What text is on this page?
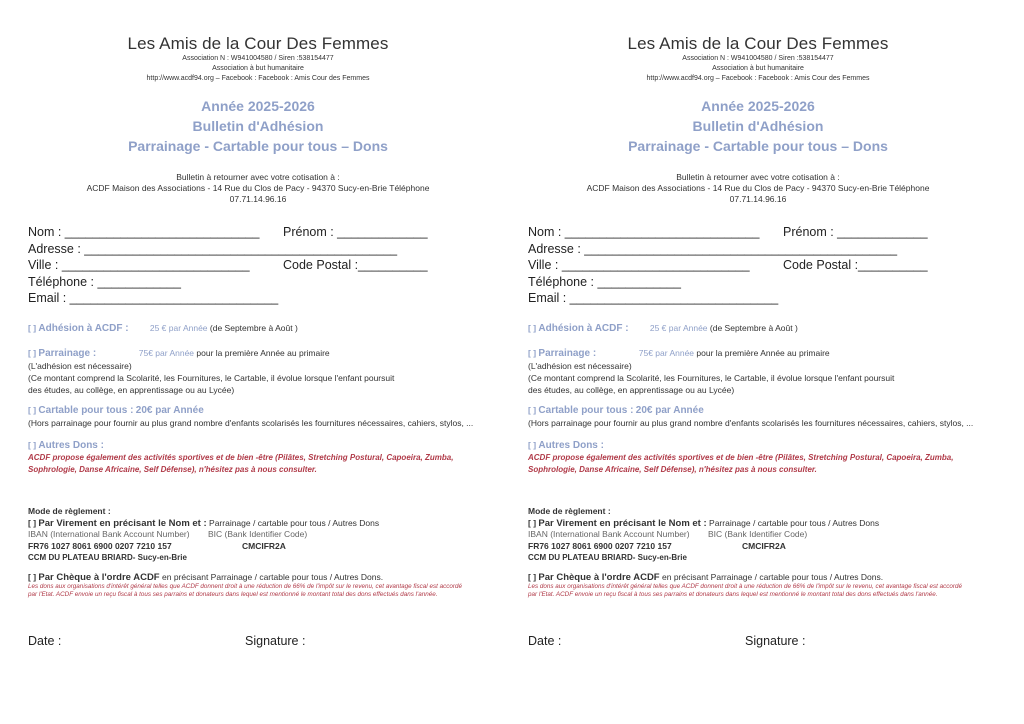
Les Amis de la Cour Des Femmes
Association N : W941004580 / Siren :538154477
Association à but humanitaire
http://www.acdf94.org – Facebook : Facebook : Amis Cour des Femmes
Année 2025-2026
Bulletin d'Adhésion
Parrainage - Cartable pour tous – Dons
Bulletin à retourner avec votre cotisation à :
ACDF Maison des Associations - 14 Rue du Clos de Pacy - 94370 Sucy-en-Brie Téléphone
07.71.14.96.16
Nom : ____________________________ Prénom : _____________
Adresse : _____________________________________________
Ville : ___________________________	Code Postal :__________
Téléphone : ____________
Email : ______________________________
[ ] Adhésion à ACDF :	25 € par Année (de Septembre à Août )
[ ] Parrainage :	75€ par Année pour la première Année au primaire
(L'adhésion est nécessaire)
(Ce montant comprend la Scolarité, les Fournitures, le Cartable, il évolue lorsque l'enfant poursuit
des études, au collège, en apprentissage ou au Lycée)
[ ] Cartable pour tous : 20€ par Année
(Hors parrainage pour fournir au plus grand nombre d'enfants scolarisés les fournitures nécessaires, cahiers, stylos, ...
[ ] Autres Dons :
ACDF propose également des activités sportives et de bien -être (Pilâtes, Stretching Postural, Capoeira, Zumba,
Sophrologie, Danse Africaine, Self Défense), n'hésitez pas à nous consulter.
Mode de règlement :
[ ] Par Virement en précisant le Nom et : Parrainage / cartable pour tous / Autres Dons
IBAN (International Bank Account Number) BIC (Bank Identifier Code)
FR76 1027 8061 6900 0207 7210 157	CMCIFR2A
CCM DU PLATEAU BRIARD- Sucy-en-Brie
[ ] Par Chèque à l'ordre ACDF en précisant Parrainage / cartable pour tous / Autres Dons.
Les dons aux organisations d'intérêt général telles que ACDF donnent droit à une réduction de 66% de l'impôt sur le revenu, cet avantage fiscal est accordé
par l'Etat. ACDF envoie un reçu fiscal à tous ses parrains et donateurs dans lequel est mentionné le montant total des dons effectués dans l'année.
Date :	Signature :
Les Amis de la Cour Des Femmes
Association N : W941004580 / Siren :538154477
Association à but humanitaire
http://www.acdf94.org – Facebook : Facebook : Amis Cour des Femmes
Année 2025-2026
Bulletin d'Adhésion
Parrainage - Cartable pour tous – Dons
Bulletin à retourner avec votre cotisation à :
ACDF Maison des Associations - 14 Rue du Clos de Pacy - 94370 Sucy-en-Brie Téléphone
07.71.14.96.16
Nom : ____________________________ Prénom : _____________
Adresse : _____________________________________________
Ville : ___________________________	Code Postal :__________
Téléphone : ____________
Email : ______________________________
[ ] Adhésion à ACDF :	25 € par Année (de Septembre à Août )
[ ] Parrainage :	75€ par Année pour la première Année au primaire
(L'adhésion est nécessaire)
(Ce montant comprend la Scolarité, les Fournitures, le Cartable, il évolue lorsque l'enfant poursuit
des études, au collège, en apprentissage ou au Lycée)
[ ] Cartable pour tous : 20€ par Année
(Hors parrainage pour fournir au plus grand nombre d'enfants scolarisés les fournitures nécessaires, cahiers, stylos, ...
[ ] Autres Dons :
ACDF propose également des activités sportives et de bien -être (Pilâtes, Stretching Postural, Capoeira, Zumba,
Sophrologie, Danse Africaine, Self Défense), n'hésitez pas à nous consulter.
Mode de règlement :
[ ] Par Virement en précisant le Nom et : Parrainage / cartable pour tous / Autres Dons
IBAN (International Bank Account Number) BIC (Bank Identifier Code)
FR76 1027 8061 6900 0207 7210 157	CMCIFR2A
CCM DU PLATEAU BRIARD- Sucy-en-Brie
[ ] Par Chèque à l'ordre ACDF en précisant Parrainage / cartable pour tous / Autres Dons.
Les dons aux organisations d'intérêt général telles que ACDF donnent droit à une réduction de 66% de l'impôt sur le revenu, cet avantage fiscal est accordé
par l'Etat. ACDF envoie un reçu fiscal à tous ses parrains et donateurs dans lequel est mentionné le montant total des dons effectués dans l'année.
Date :	Signature :
